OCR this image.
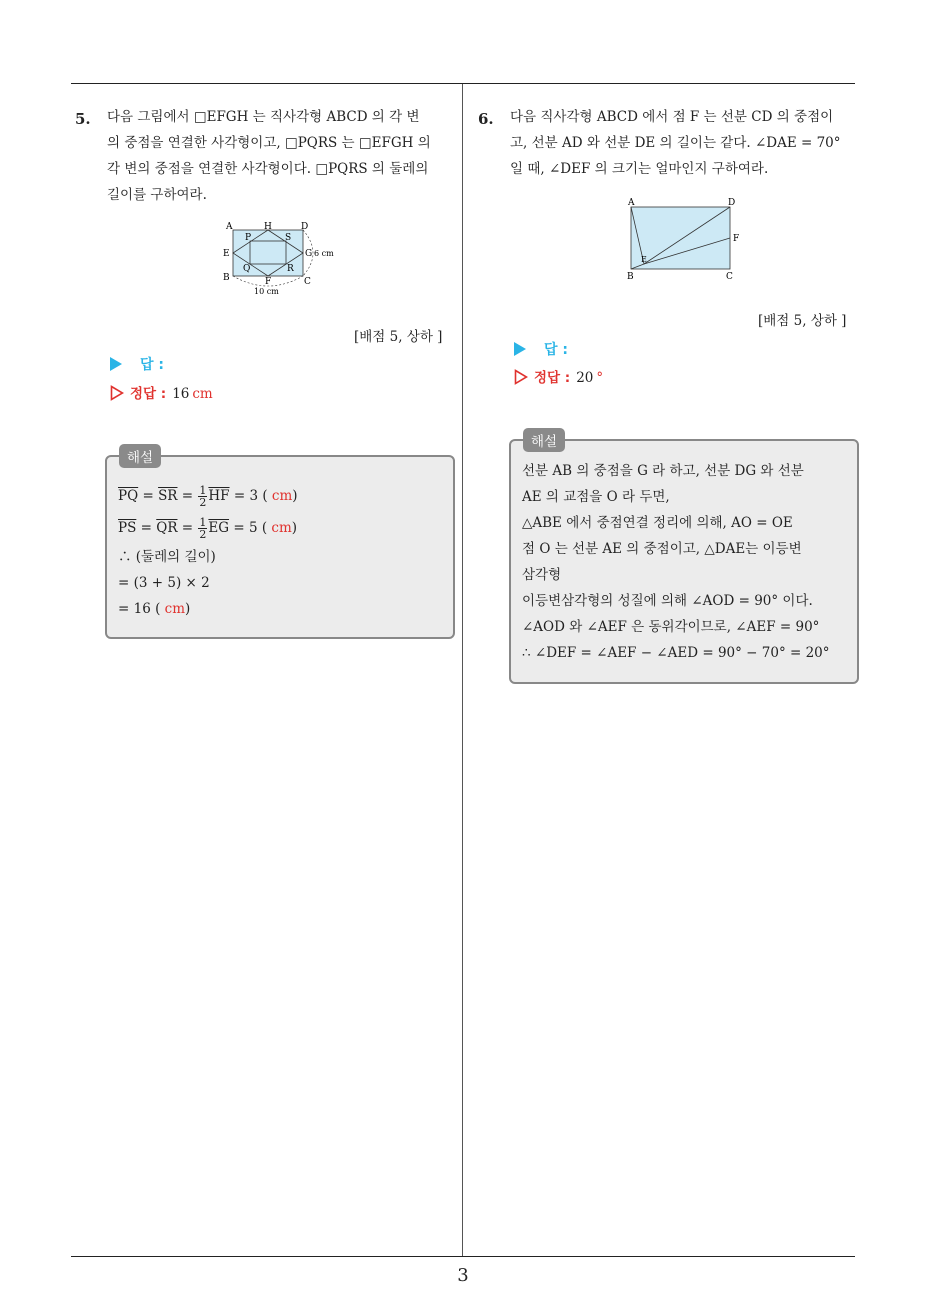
3
5. 다음 그림에서 □EFGH 는 직사각형 ABCD 의 각 변
의 중점을 연결한 사각형이고, □PQRS 는 □EFGH 의
각 변의 중점을 연결한 사각형이다. □PQRS 의 둘레의
길이를 구하여라.
A	H	D
P	S
E	G 6 cm
Q	R
B	F	C
10 cm
[배점 5, 상하 ]
답 :
정답 : 16 cm
해설
$\overline{PQ} = \overline{SR} = \frac{1}{2} \overline{HF} = 3$ ( cm)
$\overline{PS} = \overline{QR} = \frac{1}{2} \overline{EG} = 5$ ( cm)
∴ (둘레의 길이)
= (3 + 5) × 2
= 16 ( cm)
6. 다음 직사각형 ABCD 에서 점 F 는 선분 CD 의 중점이
고, 선분 AD 와 선분 DE 의 길이는 같다. ∠DAE = 70°
일 때, ∠DEF 의 크기는 얼마인지 구하여라.
A	D
F
E
B	C
[배점 5, 상하 ]
답 :
정답 : 20 °
해설
선분 AB 의 중점을 G 라 하고, 선분 DG 와 선분
AE 의 교점을 O 라 두면,
△ABE 에서 중점연결 정리에 의해, AO = OE
점 O 는 선분 AE 의 중점이고, △DAE는 이등변
삼각형
이등변삼각형의 성질에 의해 ∠AOD = 90° 이다.
∠AOD 와 ∠AEF 은 동위각이므로, ∠AEF = 90°
∴ ∠DEF = ∠AEF − ∠AED = 90° − 70° = 20°
